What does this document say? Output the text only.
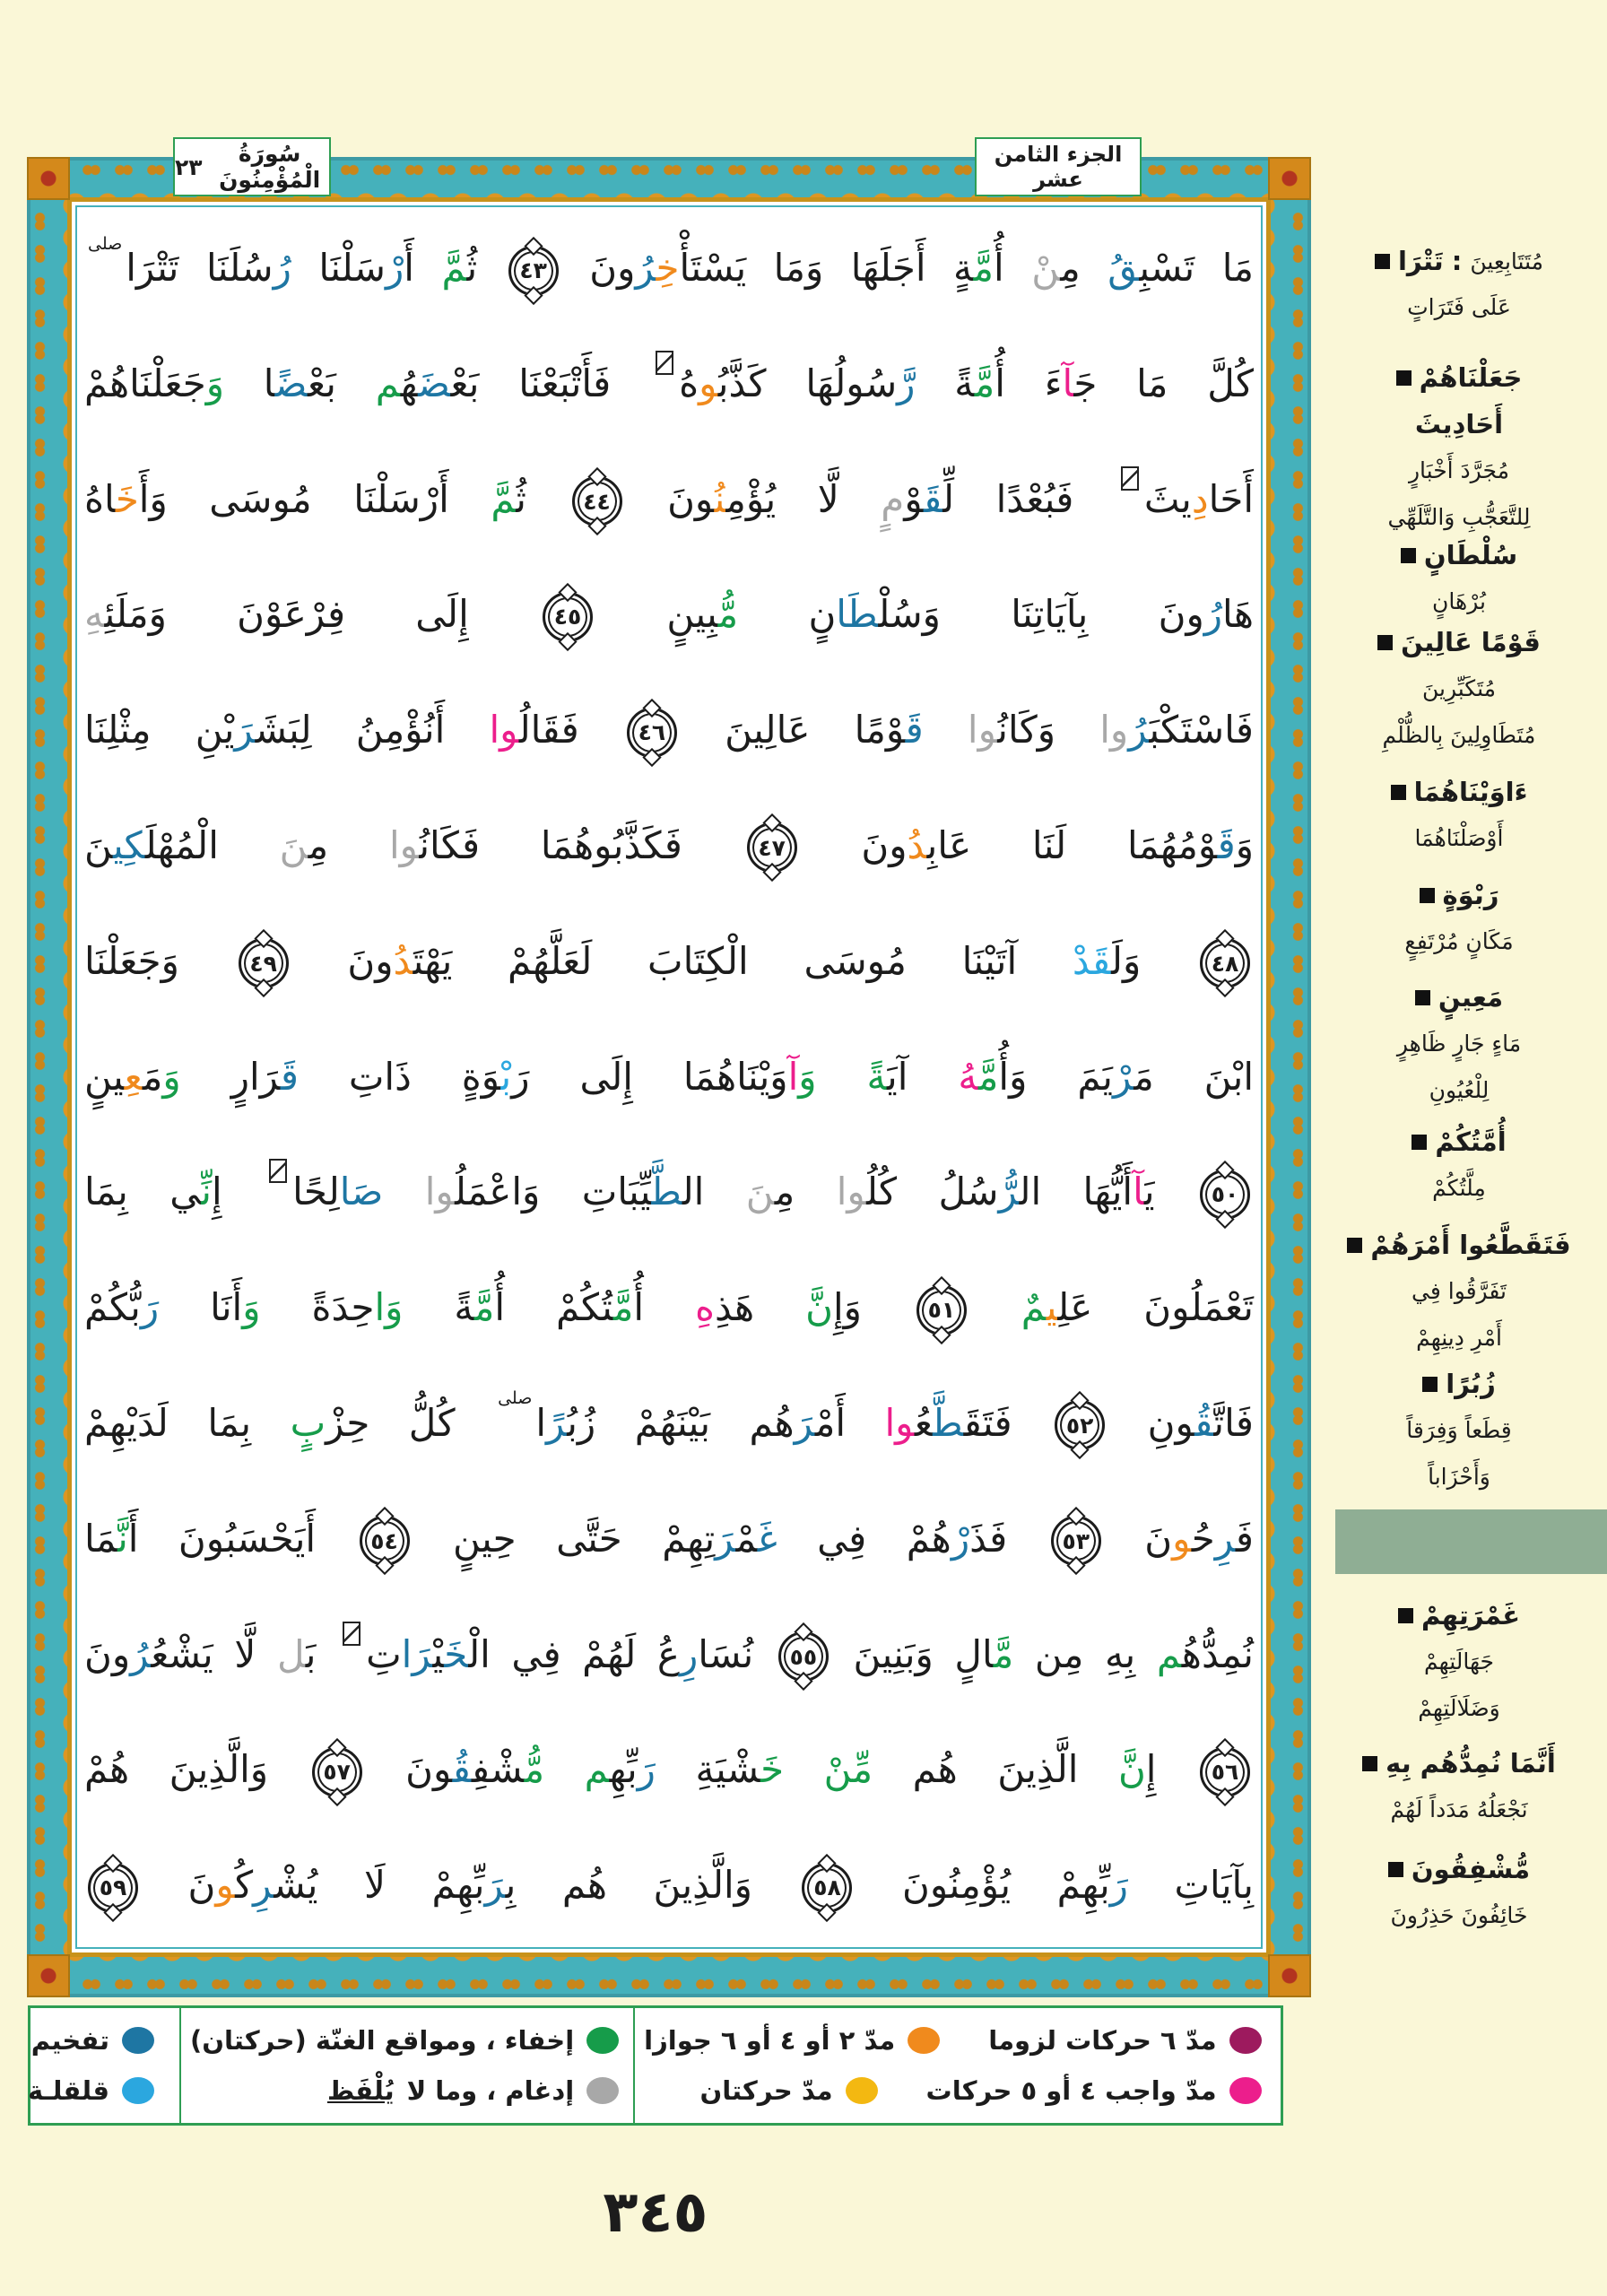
مَا تَسْبِقُ مِنْ أُمَّةٍ أَجَلَهَا وَمَا يَسْتَأْخِرُونَ ٤٣ ثُمَّ أَرْسَلْنَا رُسُلَنَا تَتْرَاصلى
كُلَّ مَا جَآءَ أُمَّةً رَّسُولُهَا كَذَّبُوهُ فَأَتْبَعْنَا بَعْضَهُم بَعْضًا وَجَعَلْنَاهُمْ
أَحَادِيثَ فَبُعْدًا لِّقَوْمٍ لَّا يُؤْمِنُونَ ٤٤ ثُمَّ أَرْسَلْنَا مُوسَى وَأَخَاهُ
هَارُونَ بِآيَاتِنَا وَسُلْطَانٍ مُّبِينٍ ٤٥ إِلَى فِرْعَوْنَ وَمَلَئِهِ
فَاسْتَكْبَرُوا وَكَانُوا قَوْمًا عَالِينَ ٤٦ فَقَالُوا أَنُؤْمِنُ لِبَشَرَيْنِ مِثْلِنَا
وَقَوْمُهُمَا لَنَا عَابِدُونَ ٤٧ فَكَذَّبُوهُمَا فَكَانُوا مِنَ الْمُهْلَكِينَ
٤٨ وَلَقَدْ آتَيْنَا مُوسَى الْكِتَابَ لَعَلَّهُمْ يَهْتَدُونَ ٤٩ وَجَعَلْنَا
ابْنَ مَرْيَمَ وَأُمَّهُ آيَةً وَآوَيْنَاهُمَا إِلَى رَبْوَةٍ ذَاتِ قَرَارٍ وَمَعِينٍ
٥٠ يَآأَيُّهَا الرُّسُلُ كُلُوا مِنَ الطَّيِّبَاتِ وَاعْمَلُوا صَالِحًا إِنِّي بِمَا
تَعْمَلُونَ عَلِيمٌ ٥١ وَإِنَّ هَذِهِ أُمَّتُكُمْ أُمَّةً وَاحِدَةً وَأَنَا رَبُّكُمْ
فَاتَّقُونِ ٥٢ فَتَقَطَّعُوا أَمْرَهُم بَيْنَهُمْ زُبُرًاصلى كُلُّ حِزْبٍ بِمَا لَدَيْهِمْ
فَرِحُونَ ٥٣ فَذَرْهُمْ فِي غَمْرَتِهِمْ حَتَّى حِينٍ ٥٤ أَيَحْسَبُونَ أَنَّمَا
نُمِدُّهُم بِهِ مِن مَّالٍ وَبَنِينَ ٥٥ نُسَارِعُ لَهُمْ فِي الْخَيْرَاتِ بَل لَّا يَشْعُرُونَ
٥٦ إِنَّ الَّذِينَ هُم مِّنْ خَشْيَةِ رَبِّهِم مُّشْفِقُونَ ٥٧ وَالَّذِينَ هُمْ
بِآيَاتِ رَبِّهِمْ يُؤْمِنُونَ ٥٨ وَالَّذِينَ هُم بِرَبِّهِمْ لَا يُشْرِكُونَ ٥٩
سُورَةُ الْمُؤْمِنُونَ

٢٣	الجزء الثامن عشر
تَتْرَا : مُتَتَابِعِينَ
عَلَى فَتَرَاتٍ
جَعَلْنَاهُمْ
أَحَادِيثَ
مُجَرَّدَ أَخْبَارٍ
لِلتَّعَجُّبِ وَالتَّلَهِّي
سُلْطَانٍ
بُرْهَانٍ
قَوْمًا عَالِينَ
مُتَكَبِّرِينَ
مُتَطَاوِلِينَ بِالظُّلْمِ
ءَاوَيْنَاهُمَا
أَوْصَلْنَاهُمَا
رَبْوَةٍ
مَكَانٍ مُرْتَفِعٍ
مَعِينٍ
مَاءٍ جَارٍ ظَاهِرٍ
لِلْعُيُونِ
أُمَّتُكُمْ
مِلَّتُكُمْ
فَتَقَطَّعُوا أَمْرَهُمْ
تَفَرَّقُوا فِي
أَمْرِ دِينِهِمْ
زُبُرًا
قِطَعاً وَفِرَقاً
وَأَحْزَاباً
غَمْرَتِهِمْ
جَهَالَتِهِمْ
وَضَلَالَتِهِمْ
أَنَّمَا نُمِدُّهُم بِهِ
نَجْعَلُهُ مَدَداً لَهُمْ
مُّشْفِقُونَ
خَائِفُونَ حَذِرُونَ
تفخيم
قلقلـة
إخفاء ، ومواقع الغنّة (حركتان)
إدغام ، وما لا
يُلْفَظ
مدّ ٦ حركات لزوما
مدّ ٢ أو ٤ أو ٦ جوازا
مدّ واجب ٤ أو ٥ حركات
مدّ حركتان
٣٤٥
